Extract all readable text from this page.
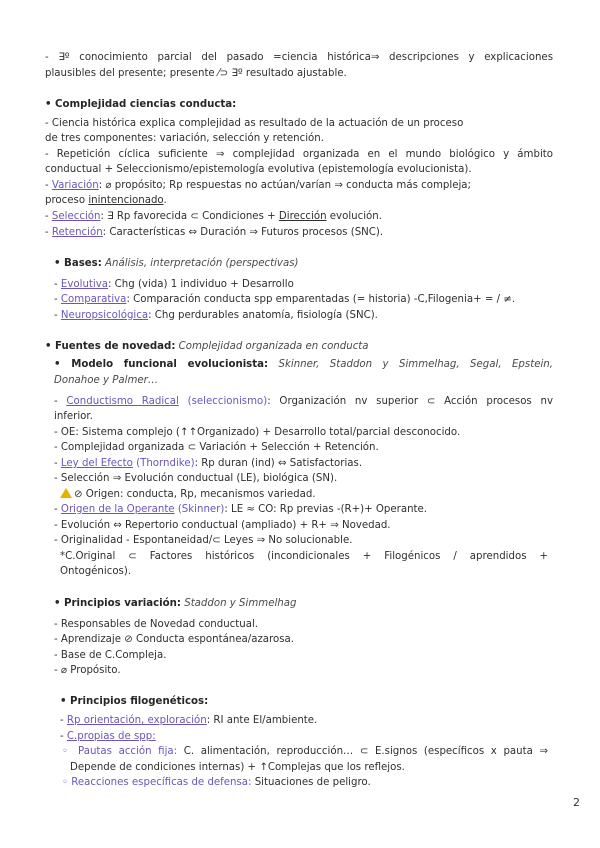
- ∃º conocimiento parcial del pasado =ciencia histórica⇒ descripciones y explicaciones
plausibles del presente; presente ⁄⊃ ∃º resultado ajustable.
• Complejidad ciencias conducta:
- Ciencia histórica explica complejidad as resultado de la actuación de un proceso
de tres componentes: variación, selección y retención.
- Repetición cíclica suficiente ⇒ complejidad organizada en el mundo biológico y ámbito
conductual + Seleccionismo/epistemología evolutiva (epistemología evolucionista).
- Variación: ⌀ propósito; Rp respuestas no actúan/varían ⇒ conducta más compleja;
proceso inintencionado.
- Selección: ∃ Rp favorecida ⊂ Condiciones + Dirección evolución.
- Retención: Características ⇔ Duración ⇒ Futuros procesos (SNC).
• Bases: Análisis, interpretación (perspectivas)
- Evolutiva: Chg (vida) 1 individuo + Desarrollo
- Comparativa: Comparación conducta spp emparentadas (= historia) -C,Filogenia+ = / ≠.
- Neuropsicológica: Chg perdurables anatomía, fisiología (SNC).
• Fuentes de novedad: Complejidad organizada en conducta
• Modelo funcional evolucionista: Skinner, Staddon y Simmelhag, Segal, Epstein,
Donahoe y Palmer…
- Conductismo Radical (seleccionismo): Organización nv superior ⊂ Acción procesos nv
inferior.
- OE: Sistema complejo (↑↑Organizado) + Desarrollo total/parcial desconocido.
- Complejidad organizada ⊂ Variación + Selección + Retención.
- Ley del Efecto (Thorndike): Rp duran (ind) ⇔ Satisfactorias.
- Selección ⇒ Evolución conductual (LE), biológica (SN).
⊘ Origen: conducta, Rp, mecanismos variedad.
- Origen de la Operante (Skinner): LE ≈ CO: Rp previas -(R+)+ Operante.
- Evolución ⇔ Repertorio conductual (ampliado) + R+ ⇒ Novedad.
- Originalidad - Espontaneidad/⊂ Leyes ⇒ No solucionable.
*C.Original ⊂ Factores históricos (incondicionales + Filogénicos / aprendidos +
Ontogénicos).
• Principios variación: Staddon y Simmelhag
- Responsables de Novedad conductual.
- Aprendizaje ⊘ Conducta espontánea/azarosa.
- Base de C.Compleja.
- ⌀ Propósito.
• Principios filogenéticos:
- Rp orientación, exploración: RI ante El/ambiente.
- C.propias de spp:
◦ Pautas acción fija: C. alimentación, reproducción… ⊂ E.signos (específicos x pauta ⇒
Depende de condiciones internas) + ↑Complejas que los reflejos.
◦ Reacciones específicas de defensa: Situaciones de peligro.
2
